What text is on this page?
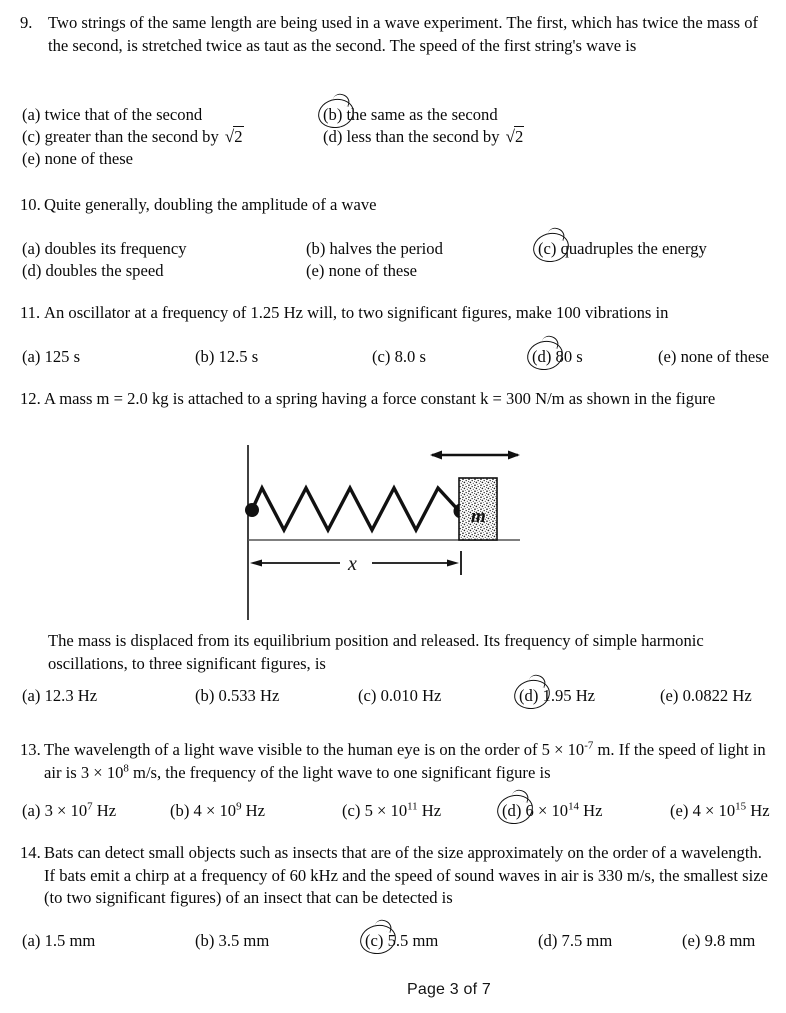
9. Two strings of the same length are being used in a wave experiment. The first, which has twice the mass of the second, is stretched twice as taut as the second. The speed of the first string's wave is
(a) twice that of the second	(b) the same as the second
(c) greater than the second by √2	(d) less than the second by √2
(e) none of these
10. Quite generally, doubling the amplitude of a wave
(a) doubles its frequency	(b) halves the period	(c) quadruples the energy
(d) doubles the speed	(e) none of these
11. An oscillator at a frequency of 1.25 Hz will, to two significant figures, make 100 vibrations in
(a) 125 s	(b) 12.5 s	(c) 8.0 s	(d) 80 s	(e) none of these
12. A mass m = 2.0 kg is attached to a spring having a force constant k = 300 N/m as shown in the figure
m
x
The mass is displaced from its equilibrium position and released. Its frequency of simple harmonic oscillations, to three significant figures, is
(a) 12.3 Hz	(b) 0.533 Hz	(c) 0.010 Hz	(d) 1.95 Hz	(e) 0.0822 Hz
13. The wavelength of a light wave visible to the human eye is on the order of $5 \times 10^{-7}$ m. If the speed of light in air is $3 \times 10^8$ m/s, the frequency of the light wave to one significant figure is
(a) $3 \times 10^7$ Hz	(b) $4 \times 10^9$ Hz	(c) $5 \times 10^{11}$ Hz	(d) $6 \times 10^{14}$ Hz	(e) $4 \times 10^{15}$ Hz
14. Bats can detect small objects such as insects that are of the size approximately on the order of a wavelength. If bats emit a chirp at a frequency of 60 kHz and the speed of sound waves in air is 330 m/s, the smallest size (to two significant figures) of an insect that can be detected is
(a) 1.5 mm	(b) 3.5 mm	(c) 5.5 mm	(d) 7.5 mm	(e) 9.8 mm
Page 3 of 7
